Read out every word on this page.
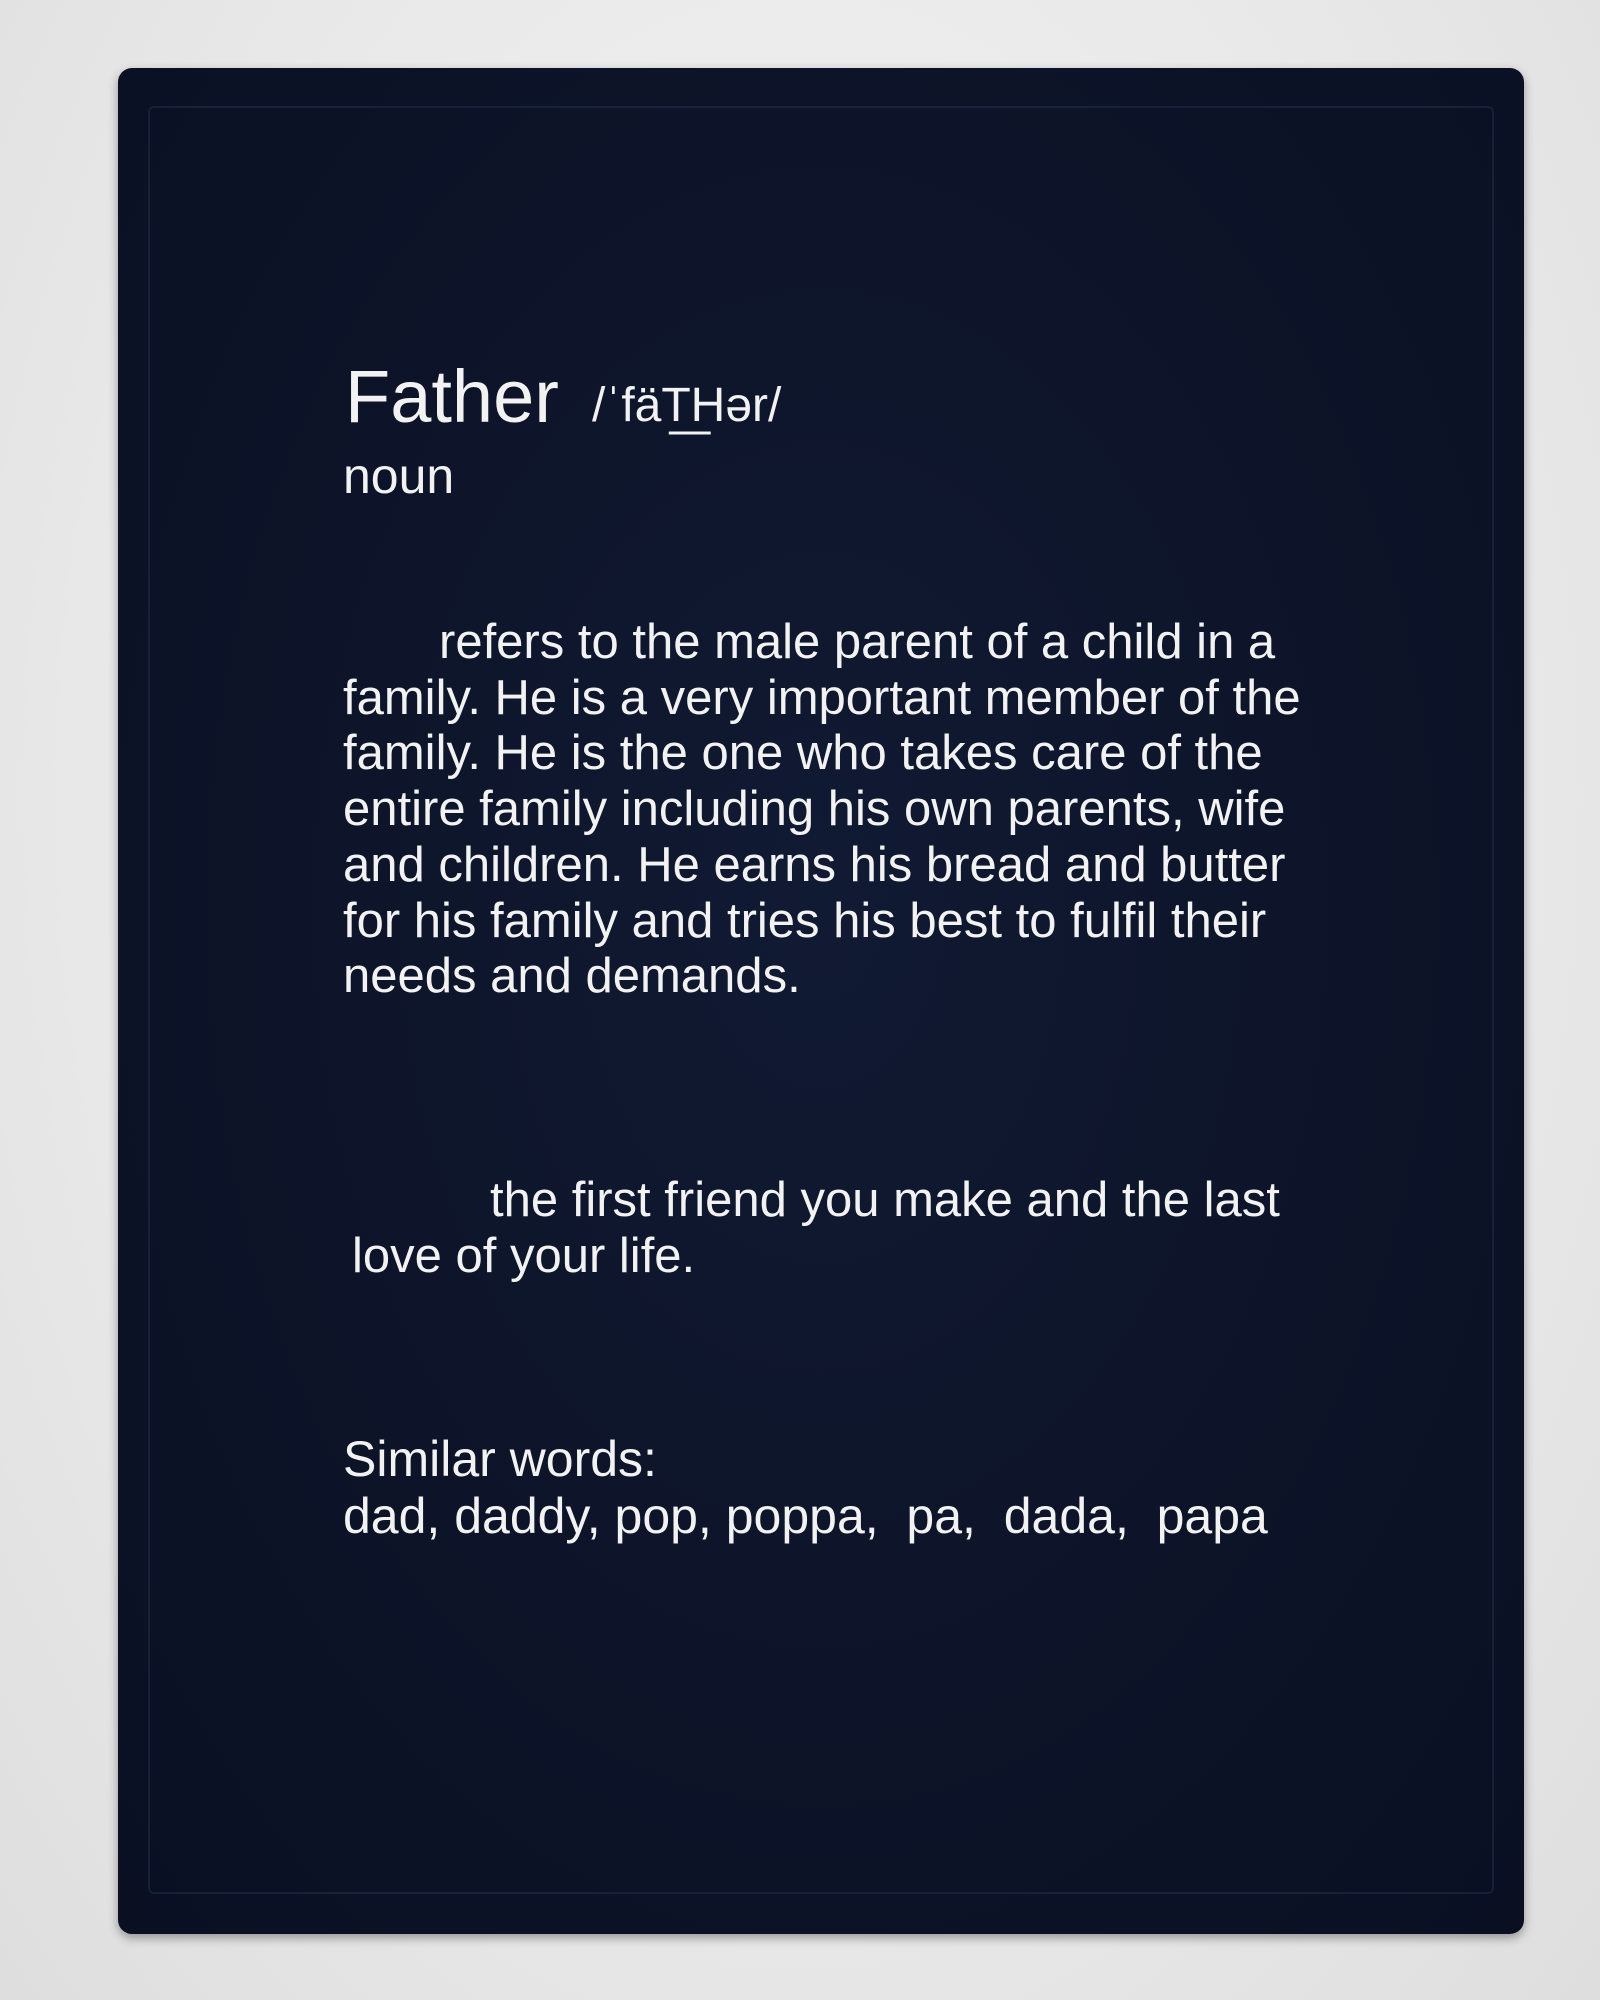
Father /ˈfäT͟Hər/
noun
refers to the male parent of a child in a
family. He is a very important member of the
family. He is the one who takes care of the
entire family including his own parents, wife
and children. He earns his bread and butter
for his family and tries his best to fulfil their
needs and demands.
the first friend you make and the last
love of your life.
Similar words:
dad, daddy, pop, poppa,  pa,  dada,  papa
